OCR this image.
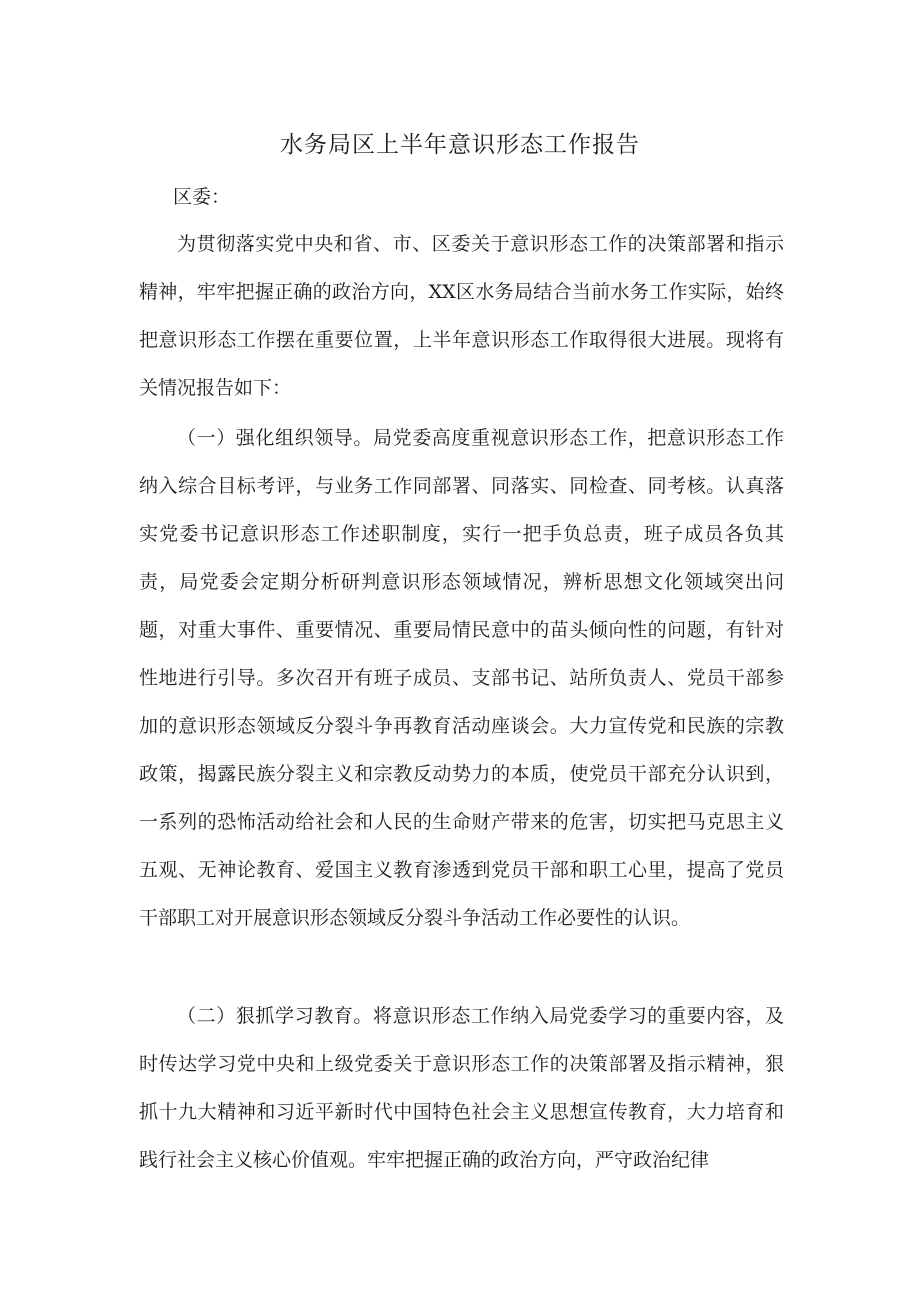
水务局区上半年意识形态工作报告

区委：

为贯彻落实党中央和省、市、区委关于意识形态工作的决策部署和指示精神，牢牢把握正确的政治方向，XX区水务局结合当前水务工作实际，始终把意识形态工作摆在重要位置，上半年意识形态工作取得很大进展。现将有关情况报告如下：

（一）强化组织领导。局党委高度重视意识形态工作，把意识形态工作纳入综合目标考评，与业务工作同部署、同落实、同检查、同考核。认真落实党委书记意识形态工作述职制度，实行一把手负总责，班子成员各负其责，局党委会定期分析研判意识形态领域情况，辨析思想文化领域突出问题，对重大事件、重要情况、重要局情民意中的苗头倾向性的问题，有针对性地进行引导。多次召开有班子成员、支部书记、站所负责人、党员干部参加的意识形态领域反分裂斗争再教育活动座谈会。大力宣传党和民族的宗教政策，揭露民族分裂主义和宗教反动势力的本质，使党员干部充分认识到，一系列的恐怖活动给社会和人民的生命财产带来的危害，切实把马克思主义五观、无神论教育、爱国主义教育渗透到党员干部和职工心里，提高了党员干部职工对开展意识形态领域反分裂斗争活动工作必要性的认识。

（二）狠抓学习教育。将意识形态工作纳入局党委学习的重要内容，及时传达学习党中央和上级党委关于意识形态工作的决策部署及指示精神，狠抓十九大精神和习近平新时代中国特色社会主义思想宣传教育，大力培育和践行社会主义核心价值观。牢牢把握正确的政治方向，严守政治纪律
